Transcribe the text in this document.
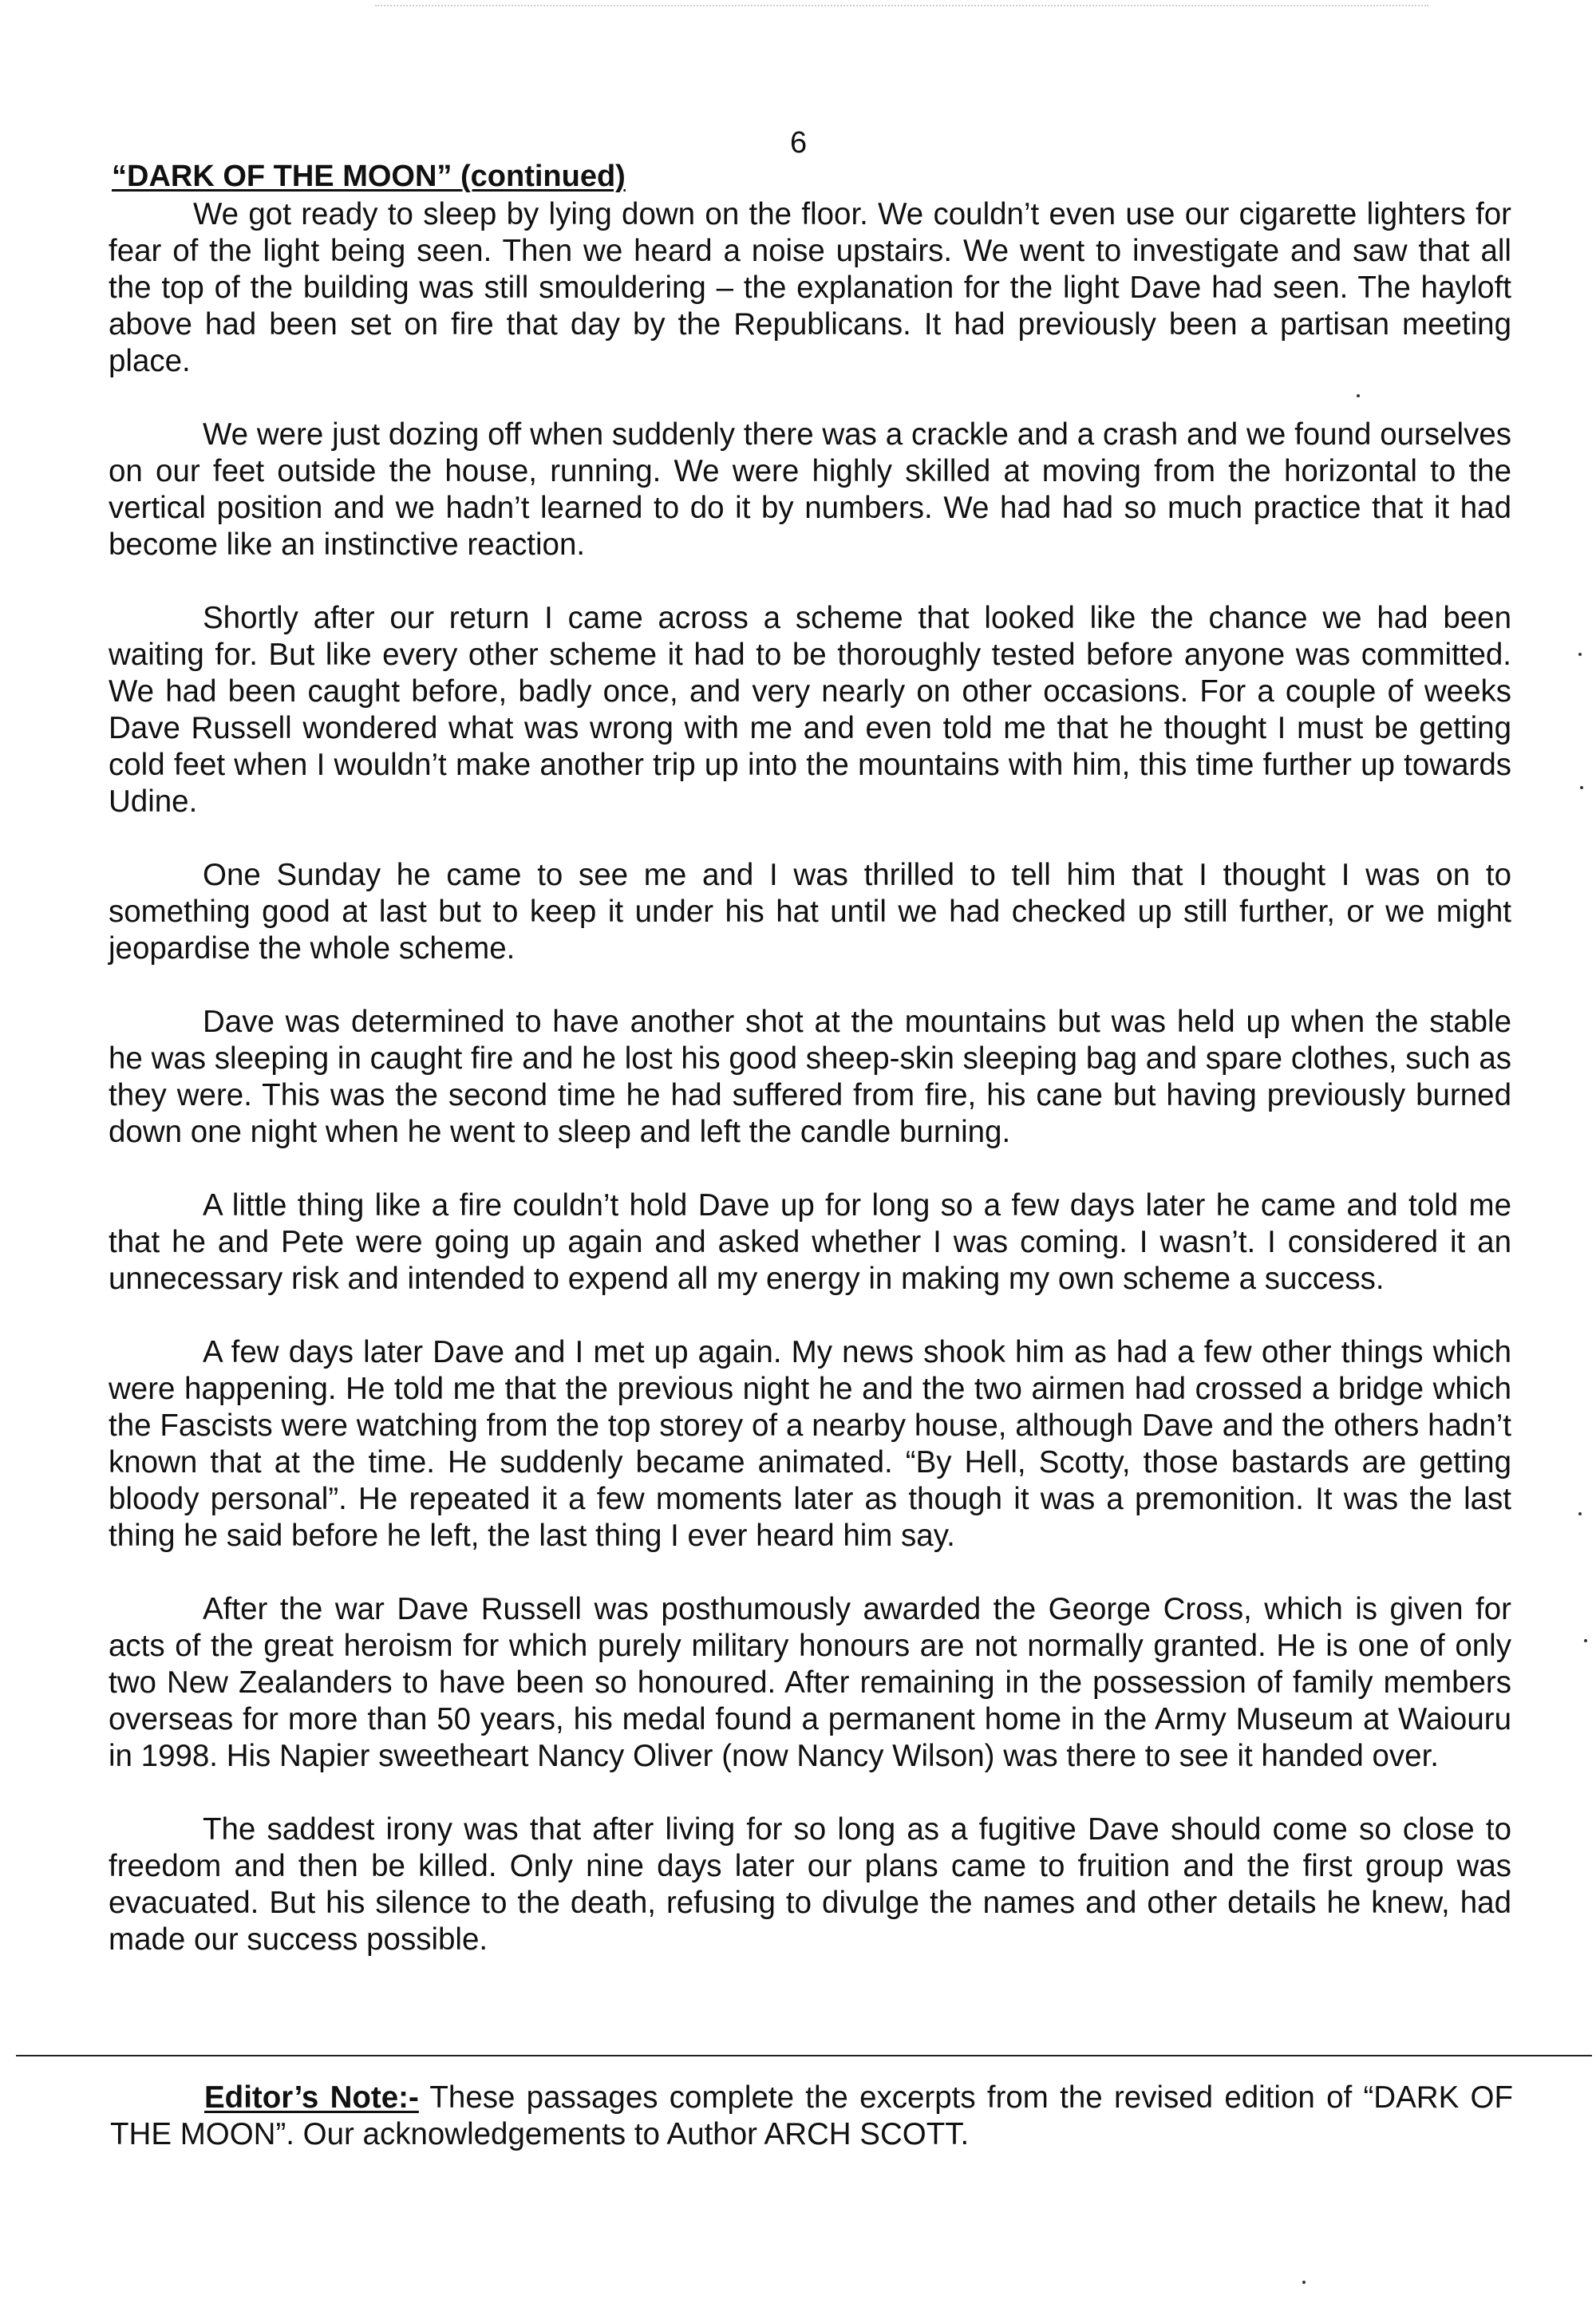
6
“DARK OF THE MOON” (continued)

We got ready to sleep by lying down on the floor. We couldn’t even use our cigarette lighters for fear of the light being seen. Then we heard a noise upstairs. We went to investigate and saw that all the top of the building was still smouldering – the explanation for the light Dave had seen. The hayloft above had been set on fire that day by the Republicans. It had previously been a partisan meeting place.

We were just dozing off when suddenly there was a crackle and a crash and we found ourselves on our feet outside the house, running. We were highly skilled at moving from the horizontal to the vertical position and we hadn’t learned to do it by numbers. We had had so much practice that it had become like an instinctive reaction.

Shortly after our return I came across a scheme that looked like the chance we had been waiting for. But like every other scheme it had to be thoroughly tested before anyone was committed. We had been caught before, badly once, and very nearly on other occasions. For a couple of weeks Dave Russell wondered what was wrong with me and even told me that he thought I must be getting cold feet when I wouldn’t make another trip up into the mountains with him, this time further up towards Udine.

One Sunday he came to see me and I was thrilled to tell him that I thought I was on to something good at last but to keep it under his hat until we had checked up still further, or we might jeopardise the whole scheme.

Dave was determined to have another shot at the mountains but was held up when the stable he was sleeping in caught fire and he lost his good sheep-skin sleeping bag and spare clothes, such as they were. This was the second time he had suffered from fire, his cane but having previously burned down one night when he went to sleep and left the candle burning.

A little thing like a fire couldn’t hold Dave up for long so a few days later he came and told me that he and Pete were going up again and asked whether I was coming. I wasn’t. I considered it an unnecessary risk and intended to expend all my energy in making my own scheme a success.

A few days later Dave and I met up again. My news shook him as had a few other things which were happening. He told me that the previous night he and the two airmen had crossed a bridge which the Fascists were watching from the top storey of a nearby house, although Dave and the others hadn’t known that at the time. He suddenly became animated. “By Hell, Scotty, those bastards are getting bloody personal”. He repeated it a few moments later as though it was a premonition. It was the last thing he said before he left, the last thing I ever heard him say.

After the war Dave Russell was posthumously awarded the George Cross, which is given for acts of the great heroism for which purely military honours are not normally granted. He is one of only two New Zealanders to have been so honoured. After remaining in the possession of family members overseas for more than 50 years, his medal found a permanent home in the Army Museum at Waiouru in 1998. His Napier sweetheart Nancy Oliver (now Nancy Wilson) was there to see it handed over.

The saddest irony was that after living for so long as a fugitive Dave should come so close to freedom and then be killed. Only nine days later our plans came to fruition and the first group was evacuated. But his silence to the death, refusing to divulge the names and other details he knew, had made our success possible.

Editor’s Note:- These passages complete the excerpts from the revised edition of “DARK OF THE MOON”. Our acknowledgements to Author ARCH SCOTT.
